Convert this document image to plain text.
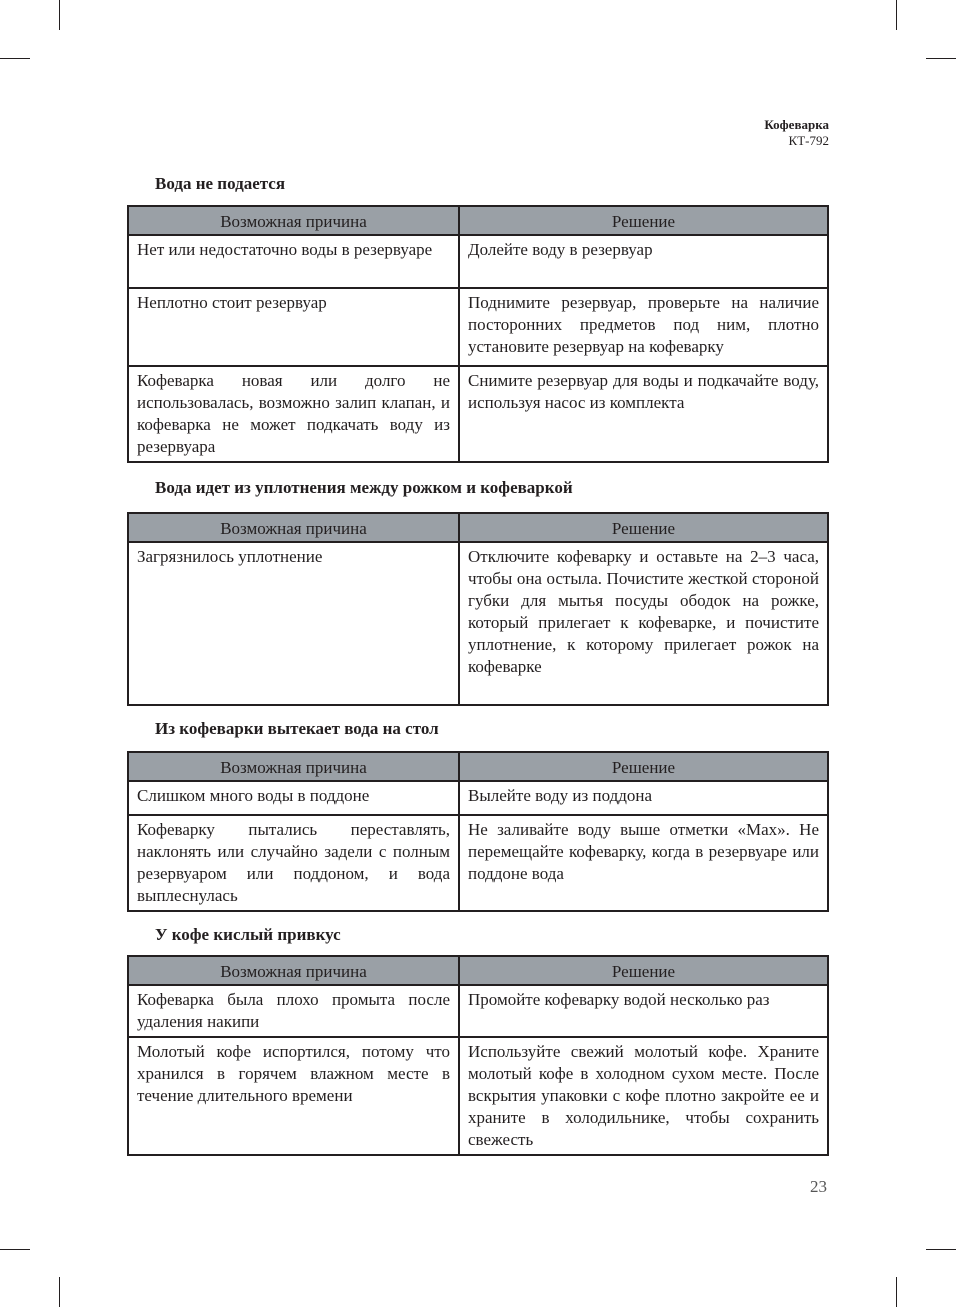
Кофеварка
КТ-792
Вода не подается
Возможная причина	Решение
Нет или недостаточно воды в резервуаре	Долейте воду в резервуар
Неплотно стоит резервуар	Поднимите резервуар, проверьте на наличие посторонних предметов под ним, плотно установите резервуар на кофеварку
Кофеварка новая или долго не использовалась, возможно залип клапан, и кофеварка не может подкачать воду из резервуара	Снимите резервуар для воды и подкачайте воду, используя насос из комплекта
Вода идет из уплотнения между рожком и кофеваркой
Возможная причина	Решение
Загрязнилось уплотнение	Отключите кофеварку и оставьте на 2–3 часа, чтобы она остыла. Почистите жесткой стороной губки для мытья посуды ободок на рожке, который прилегает к кофеварке, и почистите уплотнение, к которому прилегает рожок на кофеварке
Из кофеварки вытекает вода на стол
Возможная причина	Решение
Слишком много воды в поддоне	Вылейте воду из поддона
Кофеварку пытались переставлять, наклонять или случайно задели с полным резервуаром или поддоном, и вода выплеснулась	Не заливайте воду выше отметки «Max». Не перемещайте кофеварку, когда в резервуаре или поддоне вода
У кофе кислый привкус
Возможная причина	Решение
Кофеварка была плохо промыта после удаления накипи	Промойте кофеварку водой несколько раз
Молотый кофе испортился, потому что хранился в горячем влажном месте в течение длительного времени	Используйте свежий молотый кофе. Храните молотый кофе в холодном сухом месте. После вскрытия упаковки с кофе плотно закройте ее и храните в холодильнике, чтобы сохранить свежесть
23
